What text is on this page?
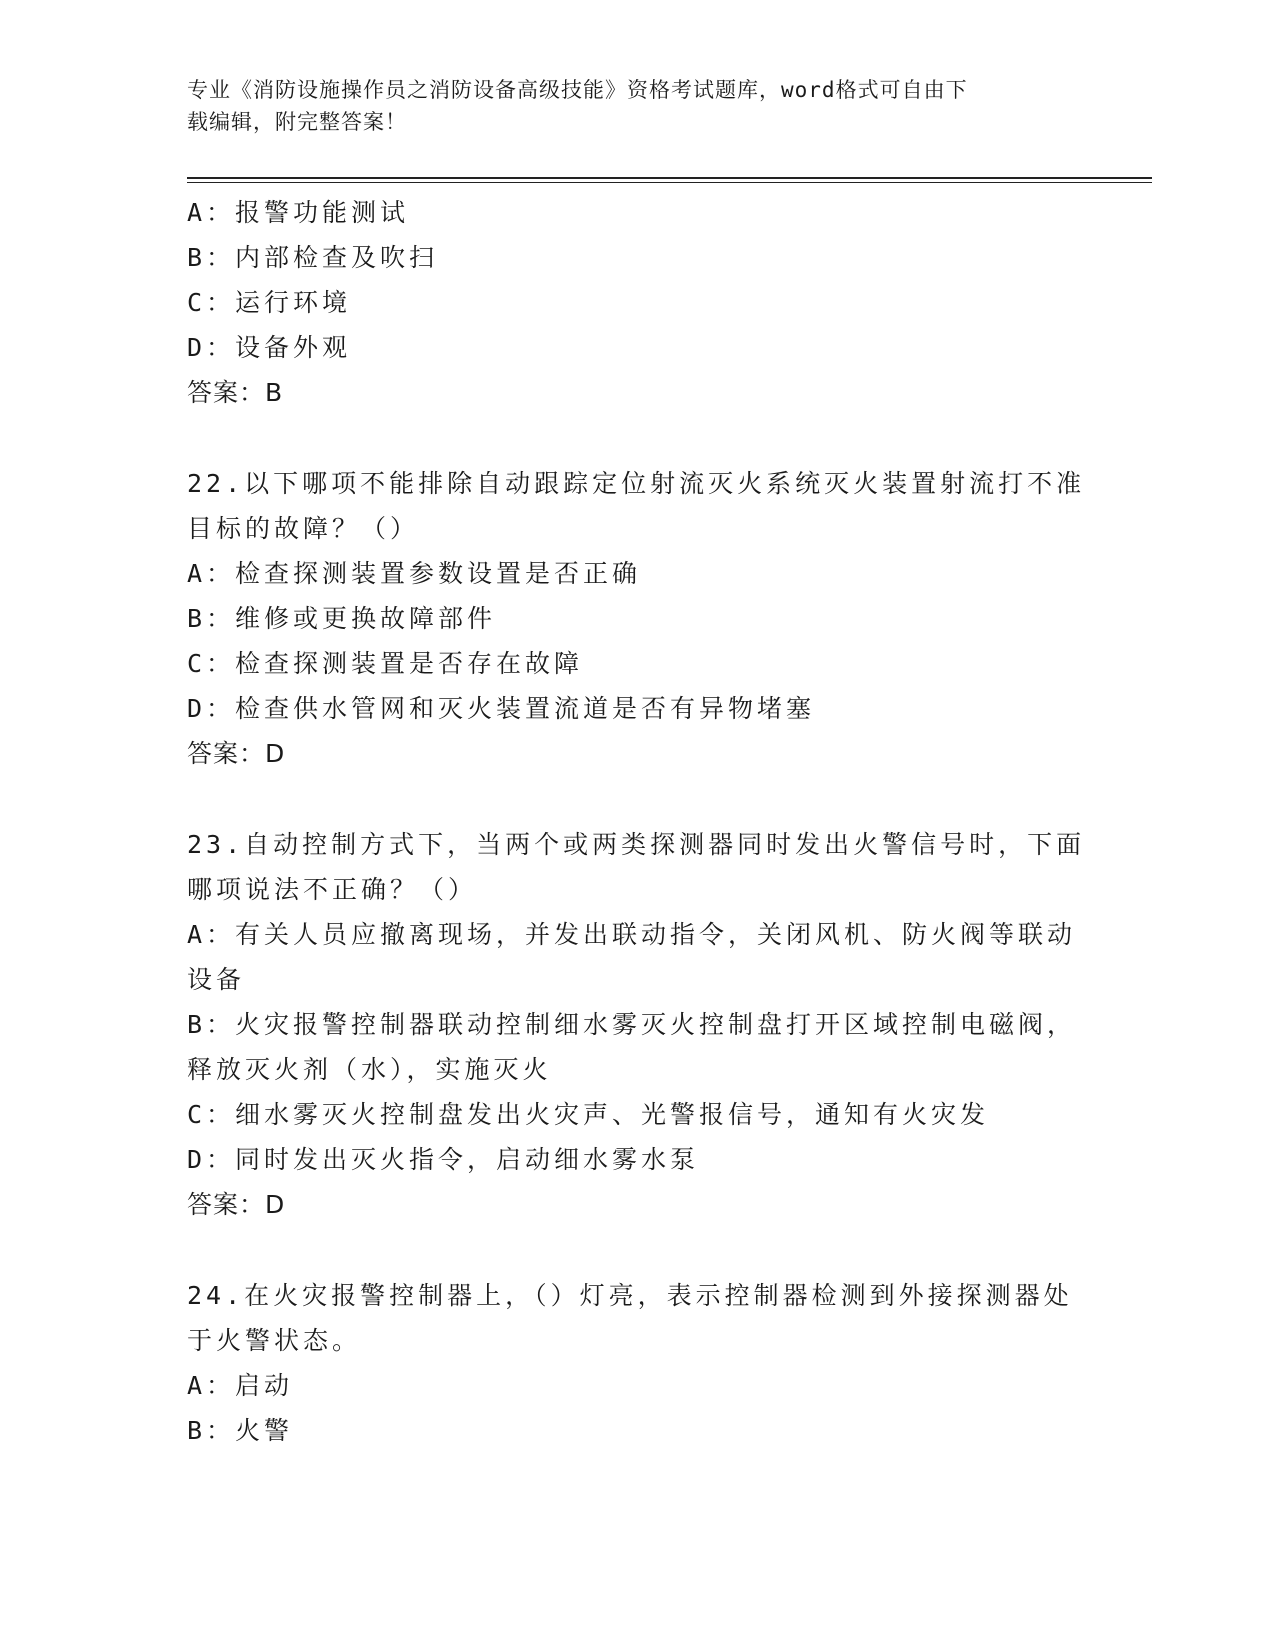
专业《消防设施操作员之消防设备高级技能》资格考试题库，word格式可自由下
载编辑，附完整答案！
A：报警功能测试
B：内部检查及吹扫
C：运行环境
D：设备外观
答案：B
22.以下哪项不能排除自动跟踪定位射流灭火系统灭火装置射流打不准
目标的故障？（）
A：检查探测装置参数设置是否正确
B：维修或更换故障部件
C：检查探测装置是否存在故障
D：检查供水管网和灭火装置流道是否有异物堵塞
答案：D
23.自动控制方式下，当两个或两类探测器同时发出火警信号时，下面
哪项说法不正确？（）
A：有关人员应撤离现场，并发出联动指令，关闭风机、防火阀等联动
设备
B：火灾报警控制器联动控制细水雾灭火控制盘打开区域控制电磁阀，
释放灭火剂（水），实施灭火
C：细水雾灭火控制盘发出火灾声、光警报信号，通知有火灾发
D：同时发出灭火指令，启动细水雾水泵
答案：D
24.在火灾报警控制器上，（）灯亮，表示控制器检测到外接探测器处
于火警状态。
A：启动
B：火警
